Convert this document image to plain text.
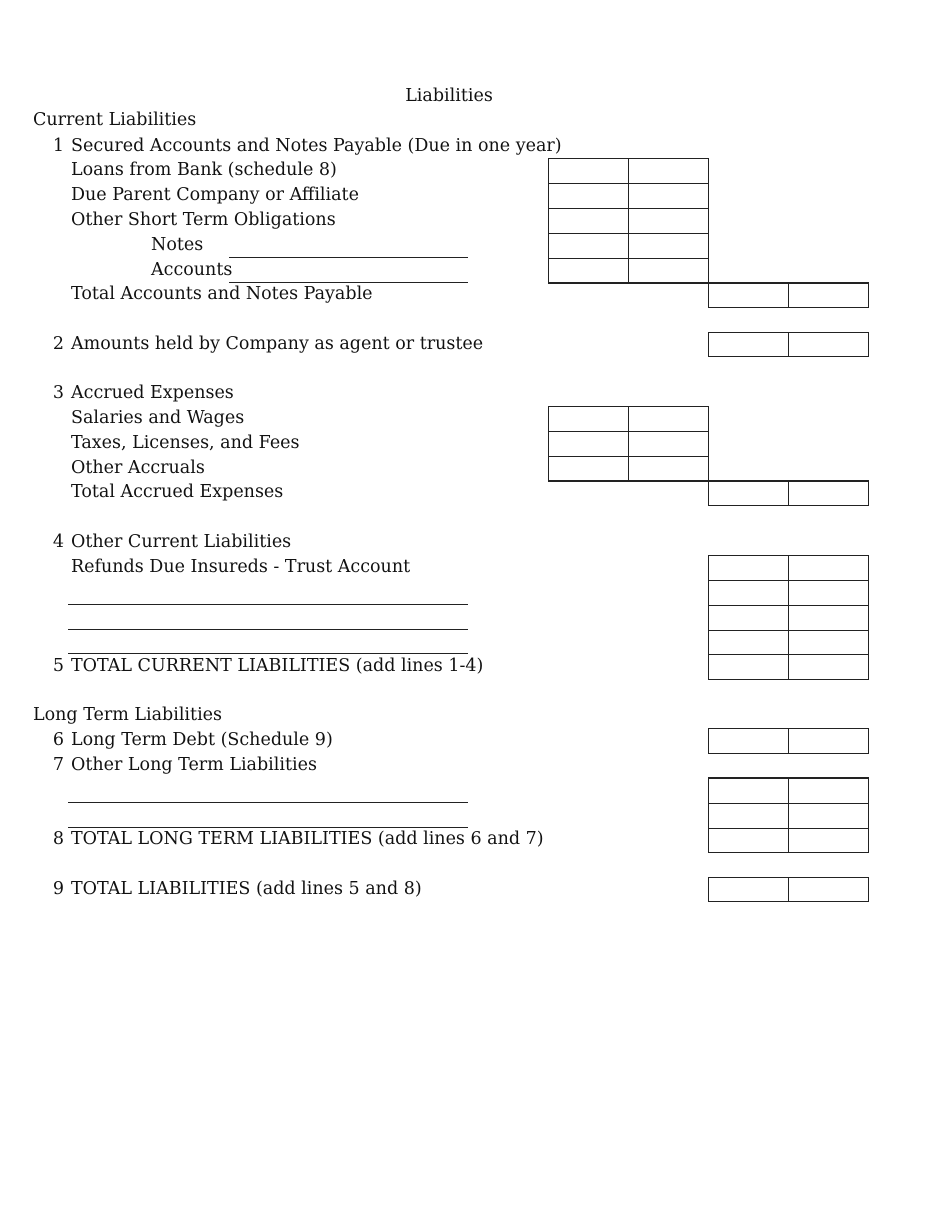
Liabilities
Current Liabilities
1 Secured Accounts and Notes Payable (Due in one year)
Loans from Bank (schedule 8)
Due Parent Company or Affiliate
Other Short Term Obligations
Notes
Accounts
Total Accounts and Notes Payable
2 Amounts held by Company as agent or trustee
3 Accrued Expenses
Salaries and Wages
Taxes, Licenses, and Fees
Other Accruals
Total Accrued Expenses
4 Other Current Liabilities
Refunds Due Insureds - Trust Account
5 TOTAL CURRENT LIABILITIES (add lines 1-4)
Long Term Liabilities
6 Long Term Debt (Schedule 9)
7 Other Long Term Liabilities
8 TOTAL LONG TERM LIABILITIES (add lines 6 and 7)
9 TOTAL LIABILITIES (add lines 5 and 8)
